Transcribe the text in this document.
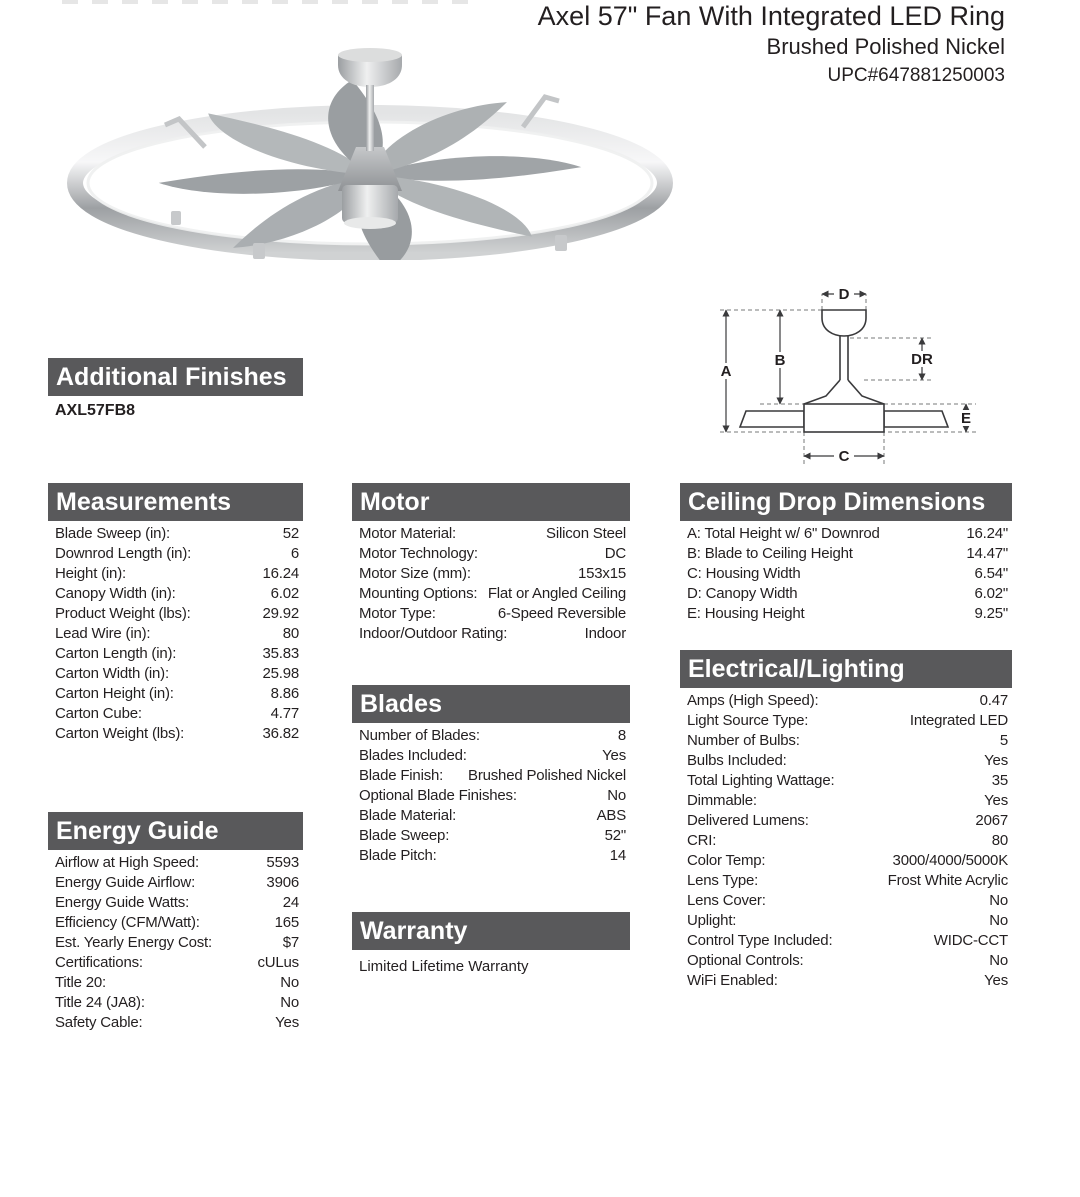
Axel 57" Fan With Integrated LED Ring
Brushed Polished Nickel
UPC#647881250003
D
A
B	DR
E
C
Additional Finishes
AXL57FB8
Measurements
Blade Sweep (in):	52
Downrod Length (in):	6
Height (in):	16.24
Canopy Width (in):	6.02
Product Weight (lbs):	29.92
Lead Wire (in):	80
Carton Length (in):	35.83
Carton Width (in):	25.98
Carton Height (in):	8.86
Carton Cube:	4.77
Carton Weight (lbs):	36.82
Energy Guide
Airflow at High Speed:	5593
Energy Guide Airflow:	3906
Energy Guide Watts:	24
Efficiency (CFM/Watt):	165
Est. Yearly Energy Cost:	$7
Certifications:	cULus
Title 20:	No
Title 24 (JA8):	No
Safety Cable:	Yes
Motor
Motor Material:	Silicon Steel
Motor Technology:	DC
Motor Size (mm):	153x15
Mounting Options: Flat or Angled Ceiling
Motor Type:	6-Speed Reversible
Indoor/Outdoor Rating:	Indoor
Blades
Number of Blades:	8
Blades Included:	Yes
Blade Finish: Brushed Polished Nickel
Optional Blade Finishes:	No
Blade Material:	ABS
Blade Sweep:	52"
Blade Pitch:	14
Warranty
Limited Lifetime Warranty
Ceiling Drop Dimensions
A: Total Height w/ 6" Downrod	16.24"
B: Blade to Ceiling Height	14.47"
C: Housing Width	6.54"
D: Canopy Width	6.02"
E: Housing Height	9.25"
Electrical/Lighting
Amps (High Speed):	0.47
Light Source Type:	Integrated LED
Number of Bulbs:	5
Bulbs Included:	Yes
Total Lighting Wattage:	35
Dimmable:	Yes
Delivered Lumens:	2067
CRI:	80
Color Temp:	3000/4000/5000K
Lens Type:	Frost White Acrylic
Lens Cover:	No
Uplight:	No
Control Type Included:	WIDC-CCT
Optional Controls:	No
WiFi Enabled:	Yes
